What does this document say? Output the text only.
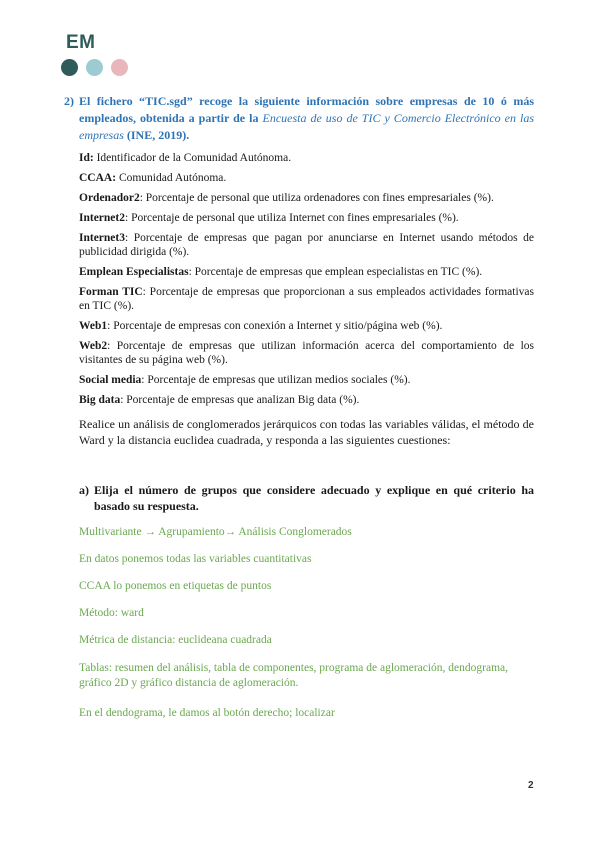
EM
2) El fichero “TIC.sgd” recoge la siguiente información sobre empresas de 10 ó más empleados, obtenida a partir de la Encuesta de uso de TIC y Comercio Electrónico en las empresas (INE, 2019).

Id: Identificador de la Comunidad Autónoma.

CCAA: Comunidad Autónoma.

Ordenador2: Porcentaje de personal que utiliza ordenadores con fines empresariales (%).

Internet2: Porcentaje de personal que utiliza Internet con fines empresariales (%).

Internet3: Porcentaje de empresas que pagan por anunciarse en Internet usando métodos de publicidad dirigida (%).

Emplean Especialistas: Porcentaje de empresas que emplean especialistas en TIC (%).

Forman TIC: Porcentaje de empresas que proporcionan a sus empleados actividades formativas en TIC (%).

Web1: Porcentaje de empresas con conexión a Internet y sitio/página web (%).

Web2: Porcentaje de empresas que utilizan información acerca del comportamiento de los visitantes de su página web (%).

Social media: Porcentaje de empresas que utilizan medios sociales (%).

Big data: Porcentaje de empresas que analizan Big data (%).

Realice un análisis de conglomerados jerárquicos con todas las variables válidas, el método de Ward y la distancia euclidea cuadrada, y responda a las siguientes cuestiones:
a) Elija el número de grupos que considere adecuado y explique en qué criterio ha basado su respuesta.
Multivariante → Agrupamiento→ Análisis Conglomerados
En datos ponemos todas las variables cuantitativas
CCAA lo ponemos en etiquetas de puntos
Método: ward
Métrica de distancia: euclideana cuadrada
Tablas: resumen del análisis, tabla de componentes, programa de aglomeración, dendograma, gráfico 2D y gráfico distancia de aglomeración.
En el dendograma, le damos al botón derecho; localizar
2
